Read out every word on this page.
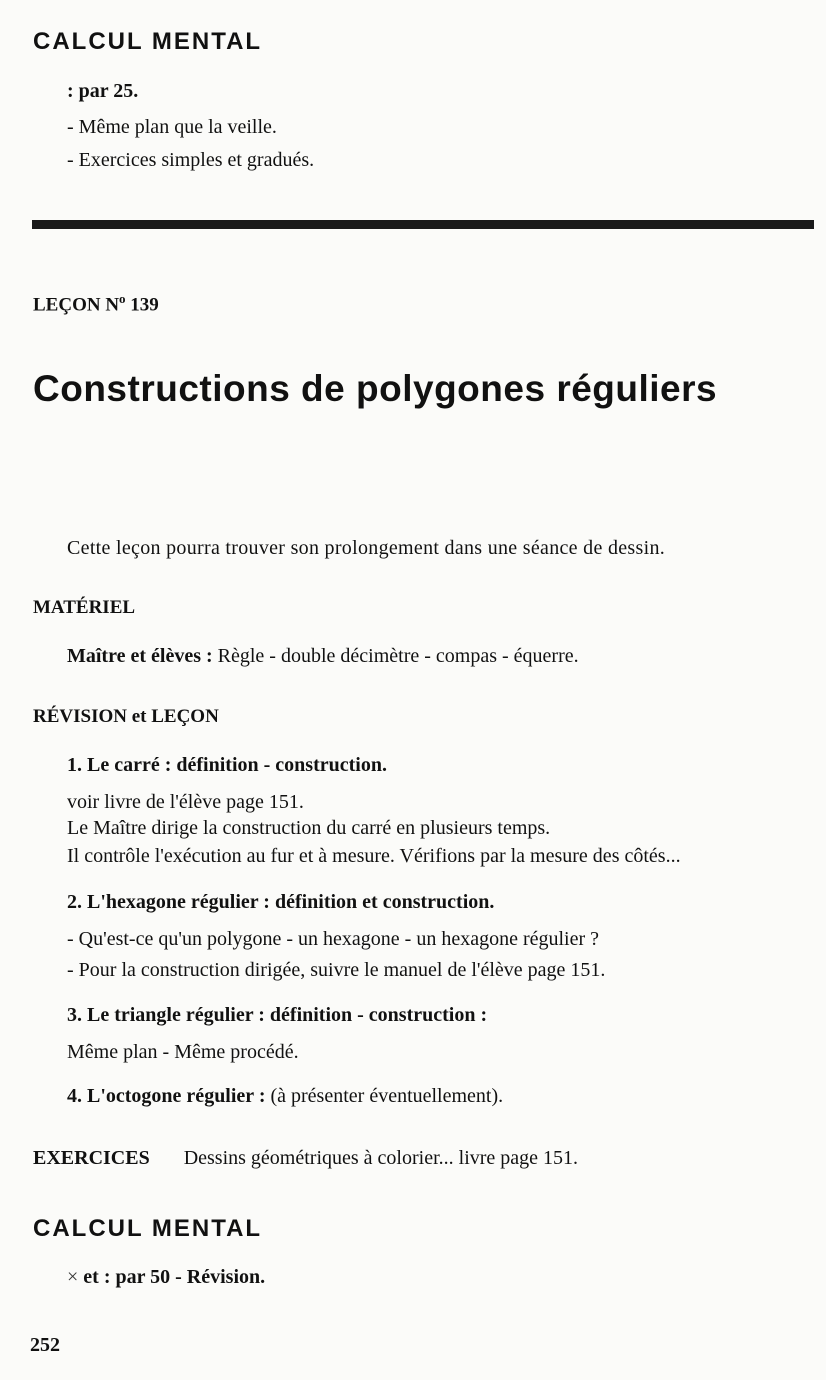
CALCUL MENTAL
: par 25.
- Même plan que la veille.
- Exercices simples et gradués.
LEÇON $N^o$ 139
Constructions de polygones réguliers
Cette leçon pourra trouver son prolongement dans une séance de dessin.
MATÉRIEL
Maître et élèves : Règle - double décimètre - compas - équerre.
RÉVISION et LEÇON
1. Le carré : définition - construction.
voir livre de l'élève page 151.
Le Maître dirige la construction du carré en plusieurs temps.
Il contrôle l'exécution au fur et à mesure. Vérifions par la mesure des côtés...
2. L'hexagone régulier : définition et construction.
- Qu'est-ce qu'un polygone - un hexagone - un hexagone régulier ?
- Pour la construction dirigée, suivre le manuel de l'élève page 151.
3. Le triangle régulier : définition - construction :
Même plan - Même procédé.
4. L'octogone régulier : (à présenter éventuellement).
EXERCICES Dessins géométriques à colorier... livre page 151.
CALCUL MENTAL
× et : par 50 - Révision.
252
